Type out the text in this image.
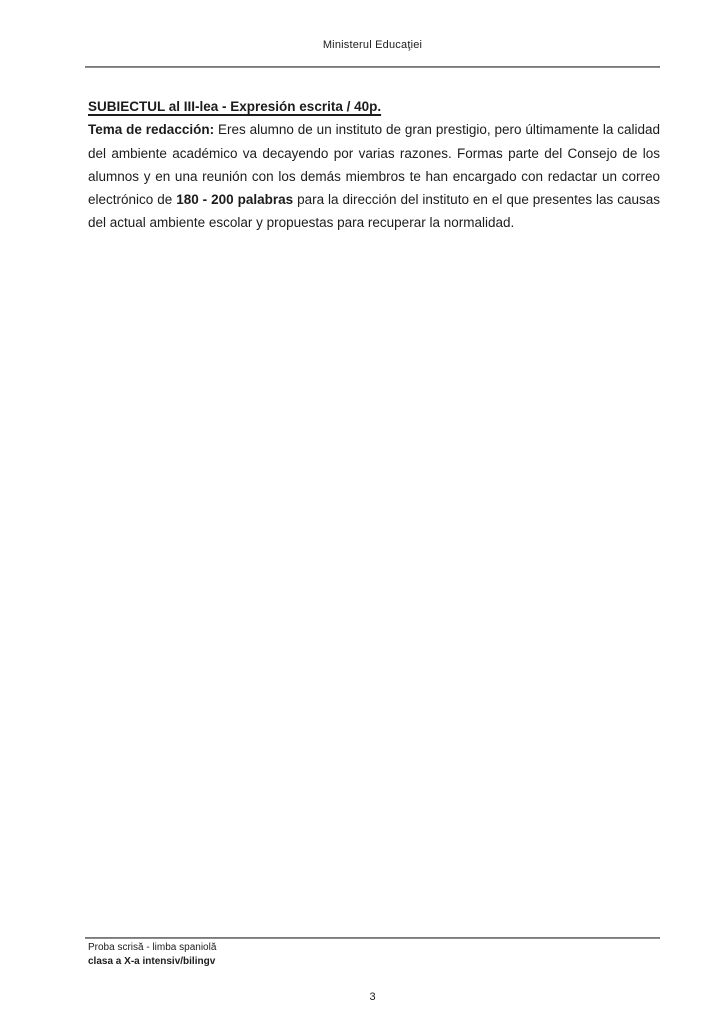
Ministerul Educaţiei
SUBIECTUL al III-lea - Expresión escrita / 40p.

Tema de redacción: Eres alumno de un instituto de gran prestigio, pero últimamente la calidad del ambiente académico va decayendo por varias razones. Formas parte del Consejo de los alumnos y en una reunión con los demás miembros te han encargado con redactar un correo electrónico de 180 - 200 palabras para la dirección del instituto en el que presentes las causas del actual ambiente escolar y propuestas para recuperar la normalidad.

Proba scrisă - limba spaniolă
clasa a X-a intensiv/bilingv
3
